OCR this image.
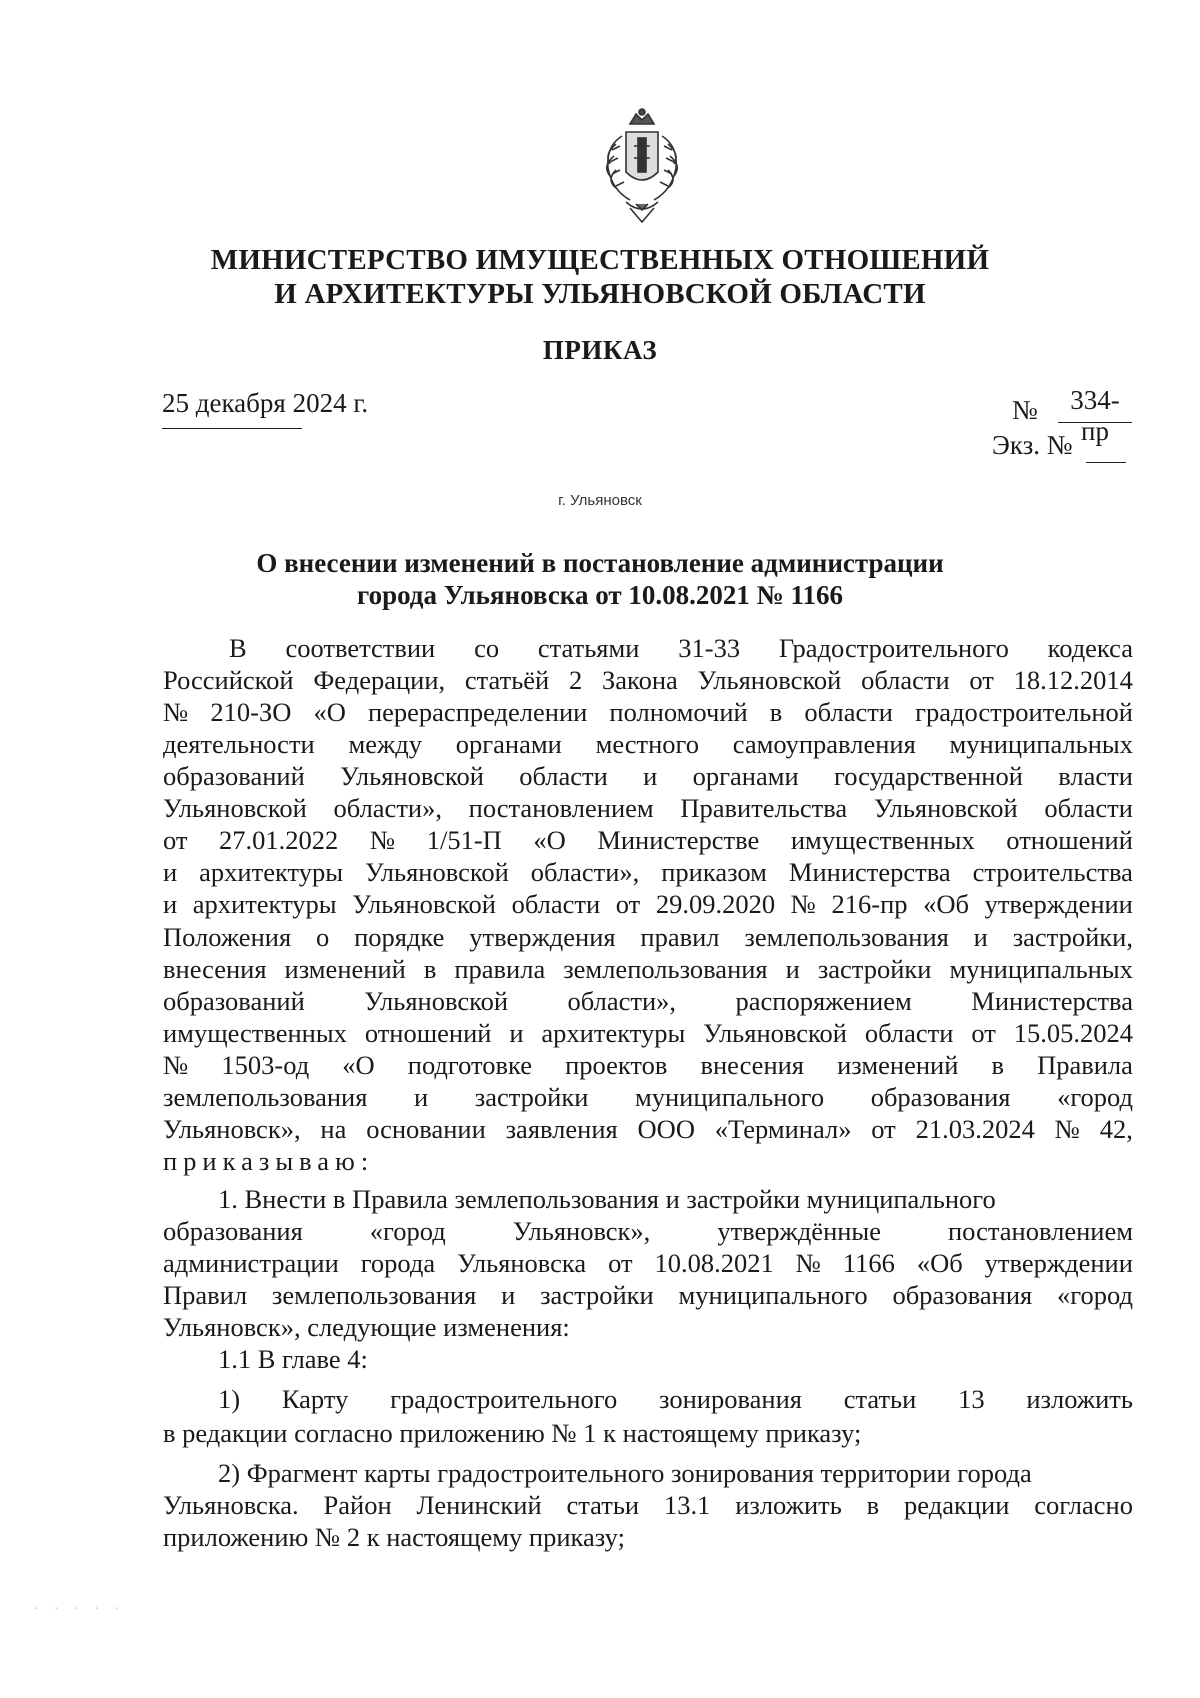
МИНИСТЕРСТВО ИМУЩЕСТВЕННЫХ ОТНОШЕНИЙ
И АРХИТЕКТУРЫ УЛЬЯНОВСКОЙ ОБЛАСТИ
ПРИКАЗ
25 декабря 2024 г.	№	334-пр
Экз. №
г. Ульяновск
О внесении изменений в постановление администрации
города Ульяновска от 10.08.2021 № 1166
В соответствии со статьями 31-33 Градостроительного кодекса
Российской Федерации, статьёй 2 Закона Ульяновской области от 18.12.2014
№ 210-ЗО «О перераспределении полномочий в области градостроительной
деятельности между органами местного самоуправления муниципальных
образований Ульяновской области и органами государственной власти
Ульяновской области», постановлением Правительства Ульяновской области
от 27.01.2022 № 1/51-П «О Министерстве имущественных отношений
и архитектуры Ульяновской области», приказом Министерства строительства
и архитектуры Ульяновской области от 29.09.2020 № 216-пр «Об утверждении
Положения о порядке утверждения правил землепользования и застройки,
внесения изменений в правила землепользования и застройки муниципальных
образований Ульяновской области», распоряжением Министерства
имущественных отношений и архитектуры Ульяновской области от 15.05.2024
№ 1503-од «О подготовке проектов внесения изменений в Правила
землепользования и застройки муниципального образования «город
Ульяновск», на основании заявления ООО «Терминал» от 21.03.2024 № 42,
приказываю:
1. Внести в Правила землепользования и застройки муниципального
образования	«город	Ульяновск»,	утверждённые	постановлением
администрации города Ульяновска от 10.08.2021 № 1166 «Об утверждении
Правил землепользования и застройки муниципального образования «город
Ульяновск», следующие изменения:
1.1 В главе 4:
1) Карту градостроительного зонирования статьи 13 изложить
в редакции согласно приложению № 1 к настоящему приказу;
2) Фрагмент карты градостроительного зонирования территории города
Ульяновска. Район Ленинский статьи 13.1 изложить в редакции согласно
приложению № 2 к настоящему приказу;
· · · · ·
